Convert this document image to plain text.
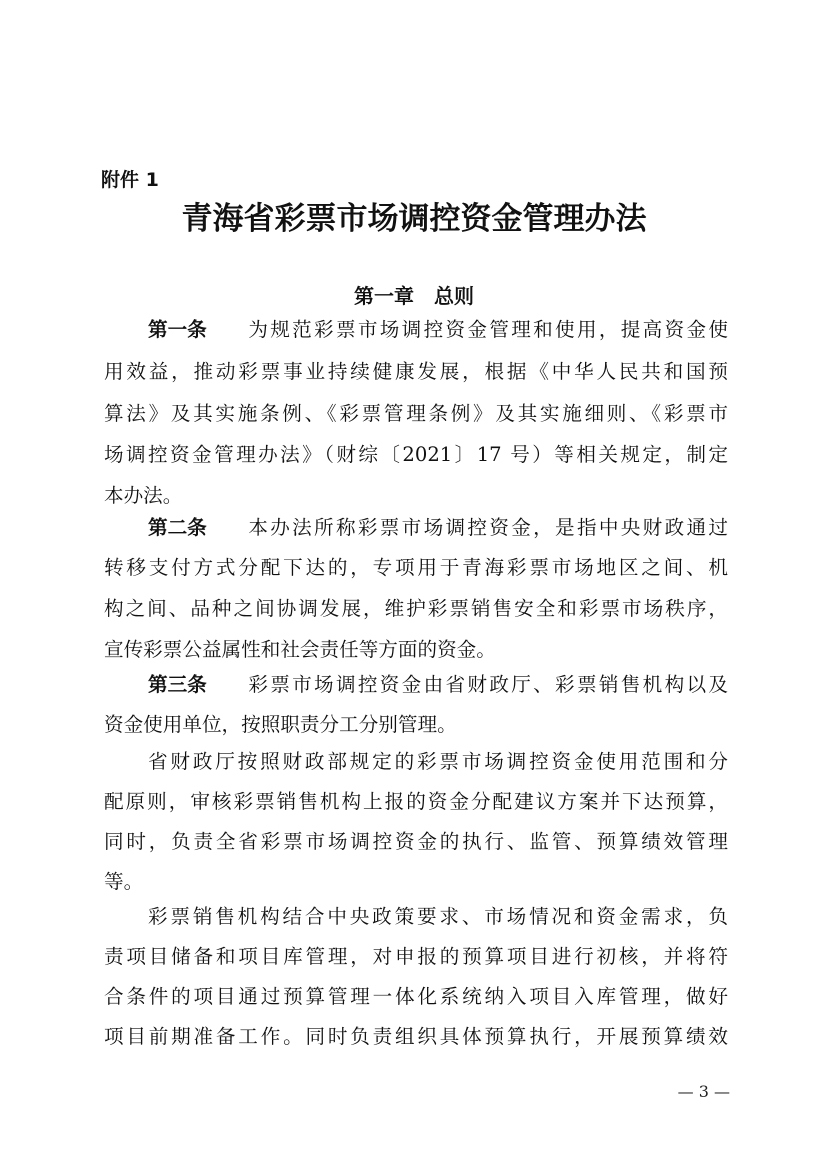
附件 1
青海省彩票市场调控资金管理办法
第一章　总则
第一条 为规范彩票市场调控资金管理和使用，提高资金使
用效益，推动彩票事业持续健康发展，根据《中华人民共和国预
算法》及其实施条例、《彩票管理条例》及其实施细则、《彩票市
场调控资金管理办法》（财综〔2021〕17 号）等相关规定，制定
本办法。
第二条 本办法所称彩票市场调控资金，是指中央财政通过
转移支付方式分配下达的，专项用于青海彩票市场地区之间、机
构之间、品种之间协调发展，维护彩票销售安全和彩票市场秩序，
宣传彩票公益属性和社会责任等方面的资金。
第三条 彩票市场调控资金由省财政厅、彩票销售机构以及
资金使用单位，按照职责分工分别管理。
省财政厅按照财政部规定的彩票市场调控资金使用范围和分
配原则，审核彩票销售机构上报的资金分配建议方案并下达预算，
同时，负责全省彩票市场调控资金的执行、监管、预算绩效管理
等。
彩票销售机构结合中央政策要求、市场情况和资金需求，负
责项目储备和项目库管理，对申报的预算项目进行初核，并将符
合条件的项目通过预算管理一体化系统纳入项目入库管理，做好
项目前期准备工作。同时负责组织具体预算执行，开展预算绩效
— 3 —
